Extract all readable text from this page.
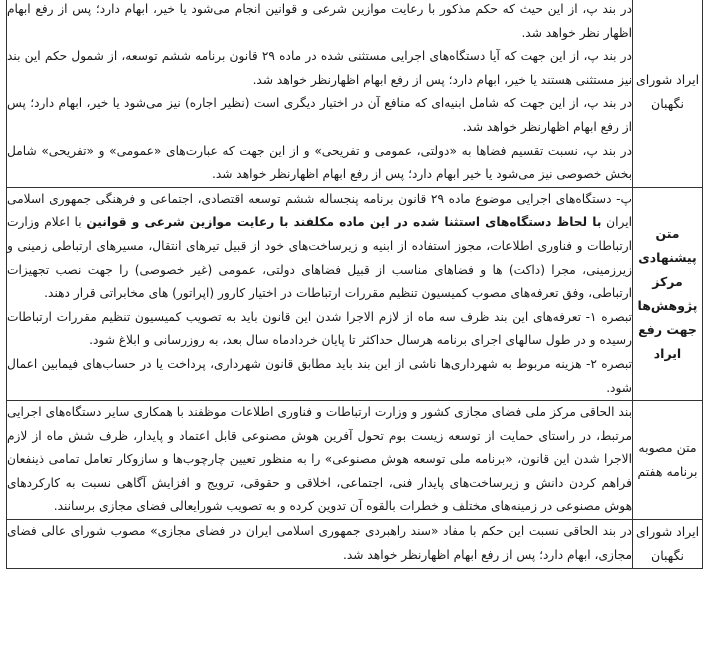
ایراد شورای نگهبان	در بند پ، از این حیث که حکم مذکور با رعایت موازین شرعی و قوانین انجام می‌شود یا خیر، ابهام دارد؛ پس از رفع ابهام اظهار نظر خواهد شد.

در بند پ، از این جهت که آیا دستگاه‌های اجرایی مستثنی شده در ماده ۲۹ قانون برنامه ششم توسعه، از شمول حکم این بند نیز مستثنی هستند یا خیر، ابهام دارد؛ پس از رفع ابهام اظهارنظر خواهد شد.

در بند پ، از این جهت که شامل ابنیه‌ای که منافع آن در اختیار دیگری است (نظیر اجاره) نیز می‌شود یا خیر، ابهام دارد؛ پس از رفع ابهام اظهارنظر خواهد شد.

در بند پ، نسبت تقسیم فضاها به «دولتی، عمومی و تفریحی» و از این جهت که عبارت‌های «عمومی» و «تفریحی» شامل بخش خصوصی نیز می‌شود یا خیر ابهام دارد؛ پس از رفع ابهام اظهارنظر خواهد شد.

متن پیشنهادی مرکز پژوهش‌ها جهت رفع ایراد	پ- دستگاه‌های اجرایی موضوع ماده ۲۹ قانون برنامه پنجساله ششم توسعه اقتصادی، اجتماعی و فرهنگی جمهوری اسلامی ایران با لحاظ دستگاه‌های استثنا شده در این ماده مکلفند با رعایت موازین شرعی و قوانین با اعلام وزارت ارتباطات و فناوری اطلاعات، مجوز استفاده از ابنیه و زیرساخت‌های خود از قبیل تیرهای انتقال، مسیرهای ارتباطی زمینی و زیرزمینی، مجرا (داکت) ها و فضاهای مناسب از قبیل فضاهای دولتی، عمومی (غیر خصوصی) را جهت نصب تجهیزات ارتباطی، وفق تعرفه‌های مصوب کمیسیون تنظیم مقررات ارتباطات در اختیار کارور (اپراتور) های مخابراتی قرار دهند.

تبصره ۱- تعرفه‌های این بند ظرف سه ماه از لازم الاجرا شدن این قانون باید به تصویب کمیسیون تنظیم مقررات ارتباطات رسیده و در طول سالهای اجرای برنامه هرسال حداکثر تا پایان خردادماه سال بعد، به روزرسانی و ابلاغ شود.

تبصره ۲- هزینه مربوط به شهرداری‌ها ناشی از این بند باید مطابق قانون شهرداری، پرداخت یا در حساب‌های فیمابین اعمال شود.

متن مصوبه برنامه هفتم	بند الحاقی مرکز ملی فضای مجازی کشور و وزارت ارتباطات و فناوری اطلاعات موظفند با همکاری سایر دستگاه‌های اجرایی مرتبط، در راستای حمایت از توسعه زیست بوم تحول آفرین هوش مصنوعی قابل اعتماد و پایدار، ظرف شش ماه از لازم الاجرا شدن این قانون، «برنامه ملی توسعه هوش مصنوعی» را به منظور تعیین چارچوب‌ها و سازوکار تعامل تمامی ذینفعان فراهم کردن دانش و زیرساخت‌های پایدار فنی، اجتماعی، اخلاقی و حقوقی، ترویج و افزایش آگاهی نسبت به کارکردهای هوش مصنوعی در زمینه‌های مختلف و خطرات بالقوه آن تدوین کرده و به تصویب شورایعالی فضای مجازی برسانند.

ایراد شورای نگهبان	در بند الحاقی نسبت این حکم با مفاد «سند راهبردی جمهوری اسلامی ایران در فضای مجازی» مصوب شورای عالی فضای مجازی، ابهام دارد؛ پس از رفع ابهام اظهارنظر خواهد شد.
